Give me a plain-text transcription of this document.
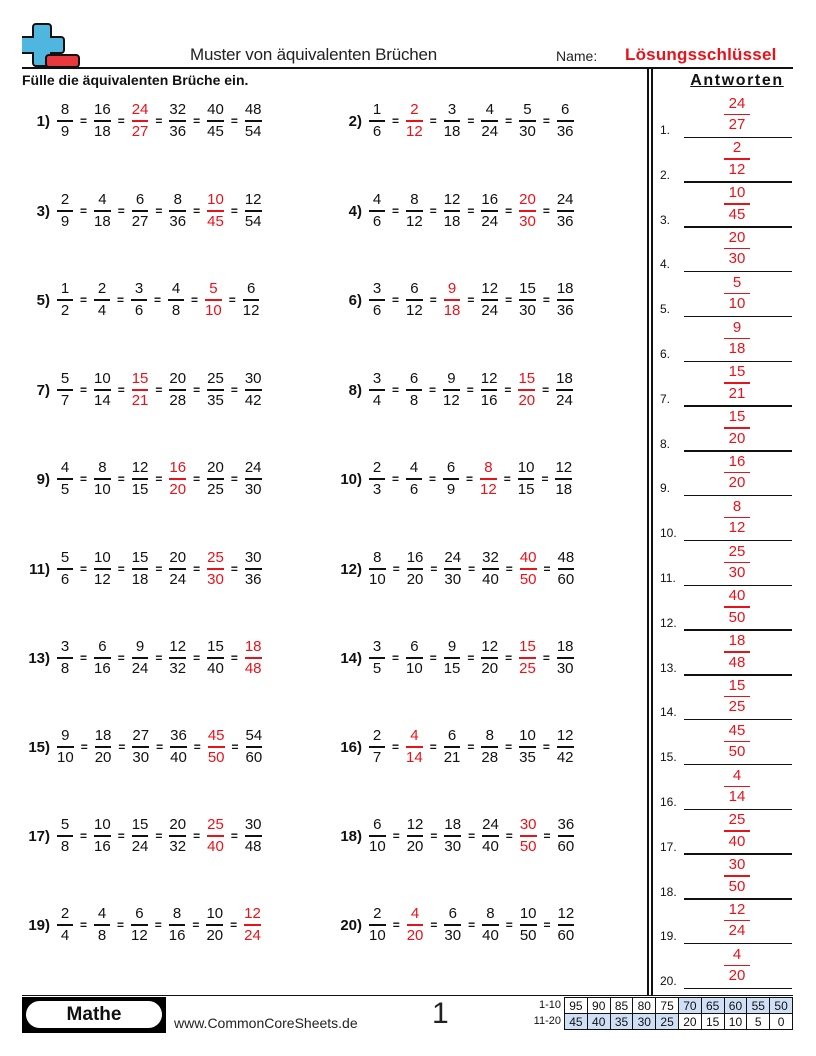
Muster von äquivalenten Brüchen	Name: Lösungsschlüssel
Fülle die äquivalenten Brüche ein.	Antworten
$1) \frac{8}{9} = \frac{16}{18} = \frac{24}{27} = \frac{32}{36} = \frac{40}{45} = \frac{48}{54}$	$2) \frac{1}{6} = \frac{2}{12} = \frac{3}{18} = \frac{4}{24} = \frac{5}{30} = \frac{6}{36}$
$3) \frac{2}{9} = \frac{4}{18} = \frac{6}{27} = \frac{8}{36} = \frac{10}{45} = \frac{12}{54}$	$4) \frac{4}{6} = \frac{8}{12} = \frac{12}{18} = \frac{16}{24} = \frac{20}{30} = \frac{24}{36}$
$5) \frac{1}{2} = \frac{2}{4} = \frac{3}{6} = \frac{4}{8} = \frac{5}{10} = \frac{6}{12}$	$6) \frac{3}{6} = \frac{6}{12} = \frac{9}{18} = \frac{12}{24} = \frac{15}{30} = \frac{18}{36}$
$7) \frac{5}{7} = \frac{10}{14} = \frac{15}{21} = \frac{20}{28} = \frac{25}{35} = \frac{30}{42}$	$8) \frac{3}{4} = \frac{6}{8} = \frac{9}{12} = \frac{12}{16} = \frac{15}{20} = \frac{18}{24}$
$9) \frac{4}{5} = \frac{8}{10} = \frac{12}{15} = \frac{16}{20} = \frac{20}{25} = \frac{24}{30}$	$10) \frac{2}{3} = \frac{4}{6} = \frac{6}{9} = \frac{8}{12} = \frac{10}{15} = \frac{12}{18}$
$11) \frac{5}{6} = \frac{10}{12} = \frac{15}{18} = \frac{20}{24} = \frac{25}{30} = \frac{30}{36}$	$12) \frac{8}{10} = \frac{16}{20} = \frac{24}{30} = \frac{32}{40} = \frac{40}{50} = \frac{48}{60}$
$13) \frac{3}{8} = \frac{6}{16} = \frac{9}{24} = \frac{12}{32} = \frac{15}{40} = \frac{18}{48}$	$14) \frac{3}{5} = \frac{6}{10} = \frac{9}{15} = \frac{12}{20} = \frac{15}{25} = \frac{18}{30}$
$15) \frac{9}{10} = \frac{18}{20} = \frac{27}{30} = \frac{36}{40} = \frac{45}{50} = \frac{54}{60}$	$16) \frac{2}{7} = \frac{4}{14} = \frac{6}{21} = \frac{8}{28} = \frac{10}{35} = \frac{12}{42}$
$17) \frac{5}{8} = \frac{10}{16} = \frac{15}{24} = \frac{20}{32} = \frac{25}{40} = \frac{30}{48}$	$18) \frac{6}{10} = \frac{12}{20} = \frac{18}{30} = \frac{24}{40} = \frac{30}{50} = \frac{36}{60}$
$19) \frac{2}{4} = \frac{4}{8} = \frac{6}{12} = \frac{8}{16} = \frac{10}{20} = \frac{12}{24}$	$20) \frac{2}{10} = \frac{4}{20} = \frac{6}{30} = \frac{8}{40} = \frac{10}{50} = \frac{12}{60}$
1.
24
27
2.
2
12
3.
10
45
4.
20
30
5.
5
10
6.
9
18
7.
15
21
8.
15
20
9.
16
20
10.
8
12
11.
25
30
12.
40
50
13.
18
48
14.
15
25
15.
45
50
16.
4
14
17.
25
40
18.
30
50
19.
12
24
20.
4
20
Mathe	www.CommonCoreSheets.de 1	1-10
11-20
95	90	85	80	75	70	65	60	55	50
45	40	35	30	25	20	15	10	5	0
